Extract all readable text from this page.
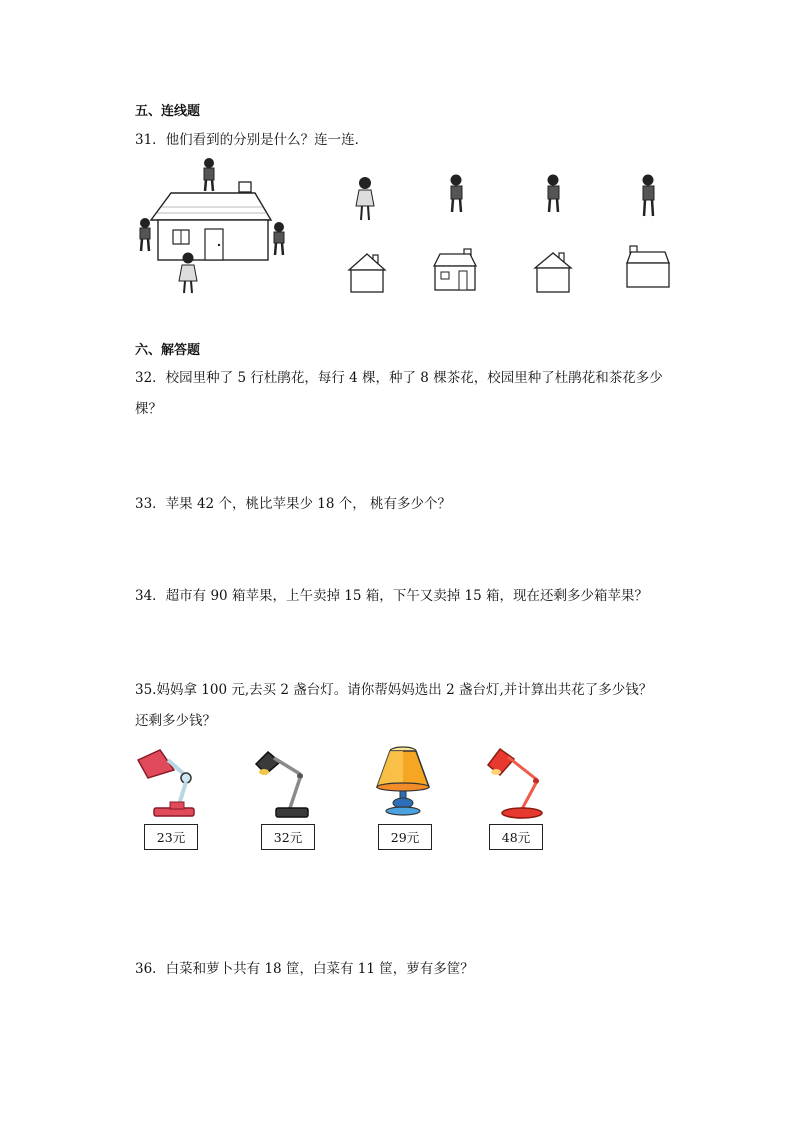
五、连线题
31．他们看到的分别是什么？连一连．
六、解答题
32．校园里种了 5 行杜鹃花，每行 4 棵，种了 8 棵茶花，校园里种了杜鹃花和茶花多少
棵？
33．苹果 42 个，桃比苹果少 18 个， 桃有多少个？
34．超市有 90 箱苹果，上午卖掉 15 箱，下午又卖掉 15 箱，现在还剩多少箱苹果？
35.妈妈拿 100 元,去买 2 盏台灯。请你帮妈妈选出 2 盏台灯,并计算出共花了多少钱？
还剩多少钱？
23元	32元	29元	48元
36．白菜和萝卜共有 18 筐，白菜有 11 筐，萝有多筐？
